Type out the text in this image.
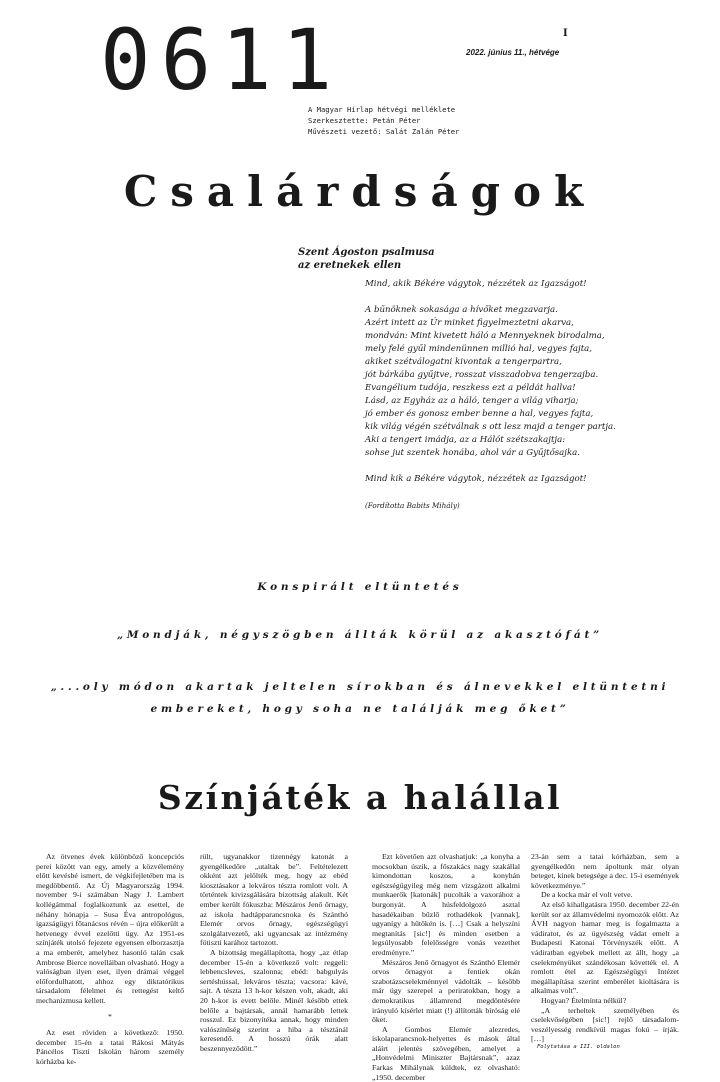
0611	2022. június 11., hétvége
I
A Magyar Hírlap hétvégi melléklete
Szerkesztette: Petán Péter
Művészeti vezető: Salát Zalán Péter
Csalárdságok
Szent Ágoston psalmusa
az eretnekek ellen
Mind, akik Békére vágytok, nézzétek az Igazságot!
A bűnöknek sokasága a hívőket megzavarja.
Azért intett az Úr minket figyelmeztetni akarva,
mondván: Mint kivetett háló a Mennyeknek birodalma,
mely felé gyűl mindenünnen millió hal, vegyes fajta,
akiket szétválogatni kivontak a tengerpartra,
jót bárkába gyűjtve, rosszat visszadobva tengerzajba.
Evangélium tudója, reszkess ezt a példát hallva!
Lásd, az Egyház az a háló, tenger a világ viharja;
jó ember és gonosz ember benne a hal, vegyes fajta,
kik világ végén szétválnak s ott lesz majd a tenger partja.
Aki a tengert imádja, az a Hálót szétszakajtja:
sohse jut szentek honába, ahol vár a Gyűjtősajka.
Mind kik a Békére vágytok, nézzétek az Igazságot!
(Fordította Babits Mihály)
Konspirált eltüntetés
„Mondják, négyszögben állták körül az akasztófát”
„...oly módon akartak jeltelen sírokban és álnevekkel eltüntetni
embereket, hogy soha ne találják meg őket”
Színjáték a halállal

Az ötvenes évek különböző koncepciós perei között van egy, amely a közvélemény előtt kevésbé ismert, de végkifejletében ma is megdöbbentő. Az Új Magyarország 1994. november 9-i számában Nagy J. Lambert kollégámmal foglalkoztunk az esettel, de néhány hónapja – Susa Éva antropológus, igazságügyi főtanácsos révén – újra előkerült a hetvenegy évvel ezelőtti ügy. Az 1951-es színjáték utolsó fejezete egyensen elborzasztja a ma emberét, amelyhez hasonló talán csak Ambrose Bierce novelláiban olvasható. Hogy a valóságban ilyen eset, ilyen drámai véggel előfordulhatott, ahhoz egy diktatórikus társadalom félelmet és rettegést keltő mechanizmusa kellett.

*

Az eset röviden a következő: 1950. december 15-én a tatai Rákosi Mátyás Páncélos Tiszti Iskolán három személy kórházba ke-

rült, ugyanakkor tizennégy katonát a gyengélkedőre „utaltak be”. Feltételezett okként azt jelölték meg, hogy az ebéd kiosztásakor a lekváros tészta romlott volt. A történtek kivizsgálására bizottság alakult. Két ember került fókuszba: Mészáros Jenő őrnagy, az iskola hadtápparancsnoka és Szánthó Elemér orvos őrnagy, egészségügyi szolgálatvezető, aki ugyancsak az intézmény fötiszti karához tartozott.

A bizottság megállapította, hogy „az étlap december 15-én a következő volt: reggeli: lebbencsleves, szalonna; ebéd: babgulyás sertéshússal, lekváros tészta; vacsora: kávé, sajt. A tészta 13 h-kor készen volt, akadt, aki 20 h-kor is evett belőle. Minél később ettek belőle a bajtársak, annál hamarább lettek rosszul. Ez bizonyítéka annak, hogy minden valószínűség szerint a hiba a tésztánál keresendő. A hosszú órák alatt beszennyeződött.”

Ezt követően azt olvashatjuk: „a konyha a mocsokban úszik, a főszakács nagy szakállal kimondottan koszos, a konyhán egészségügyileg még nem vizsgázott alkalmi munkaerők [katonák] pucolták a vaxorához a burgonyát. A húsfeldolgozó asztal hasadékaiban bűzlő rothadékok [vannak], ugyanígy a hűtőkén is. […] Csak a helyszíni megtanítás [sic!] és minden esetben a legsúlyosabb felelősségre vonás vezethet eredményre.”

Mészáros Jenő őrnagyot és Szánthó Elemér orvos őrnagyot a fentiek okán szabotázscselekménnyel vádolták – később már úgy szerepel a periratokban, hogy a demokratikus államrend megdöntésére irányuló kísérlet miatt (!) állították bíróság elé őket.

A Gombos Elemér alezredes, iskolaparancsnok-helyettes és mások által aláírt jelentés szövegében, amelyet a „Honvédelmi Miniszter Bajtársnak”, azaz Farkas Mihálynak küldtek, ez olvasható: „1950. december

23-án sem a tatai kórházban, sem a gyengélkedőn nem ápoltunk már olyan beteget, kinek betegsége a dec. 15-i események következménye.”

De a kocka már el volt vetve.

Az első kihallgatásra 1950. december 22-én került sor az államvédelmi nyomozók előtt. Az ÁVH nagyon hamar meg is fogalmazta a vádiratot, és az ügyészség vádat emelt a Budapesti Katonai Törvényszék előtt. A vádiratban egyebek mellett az állt, hogy „a cselekményüket szándékosan követték el. A romlott étel az Egészségügyi Intézet megállapítása szerint emberélet kioltására is alkalmas volt”.

Hogyan? Ételmínta nélkül?

„A terheltek személyében és cselekvőségében [sic!] rejlő társadalom-veszélyesség rendkívül magas fokú – írják. […]

Folytatása a III. oldalon
